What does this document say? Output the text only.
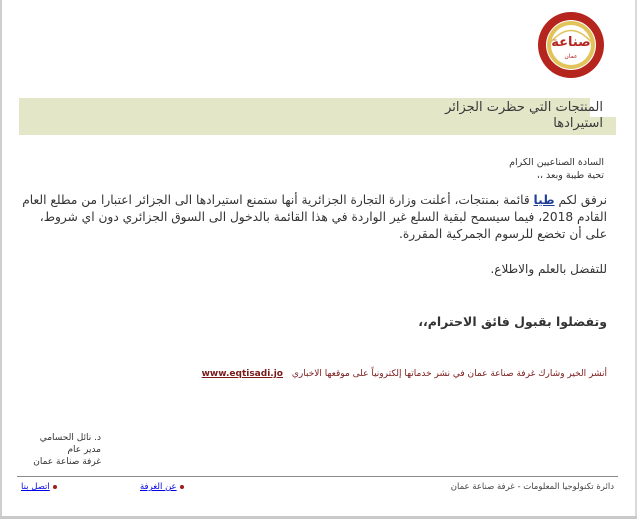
صناعة
عمان
المنتجات التي حظرت الجزائر
استيرادها
السادة الصناعيين الكرام
تحية طيبة وبعد ،،
نرفق لكم طيا قائمة بمنتجات، أعلنت وزارة التجارة الجزائرية أنها ستمنع استيرادها الى الجزائر اعتبارا من مطلع العام القادم 2018، فيما سيسمح لبقية السلع غير الواردة في هذا القائمة بالدخول الى السوق الجزائري دون اي شروط، على أن تخضع للرسوم الجمركية المقررة.
للتفضل بالعلم والاطلاع.
وتفضلوا بقبول فائق الاحترام،،
أنشر الخير وشارك غرفة صناعة عمان في نشر خدماتها إلكترونياً على موقعها الاخباري www.eqtisadi.jo
د. نائل الحسامي
مدير عام
غرفة صناعة عمان
دائرة تكنولوجيا المعلومات - غرفة صناعة عمان
عن الغرفة
اتصل بنا
